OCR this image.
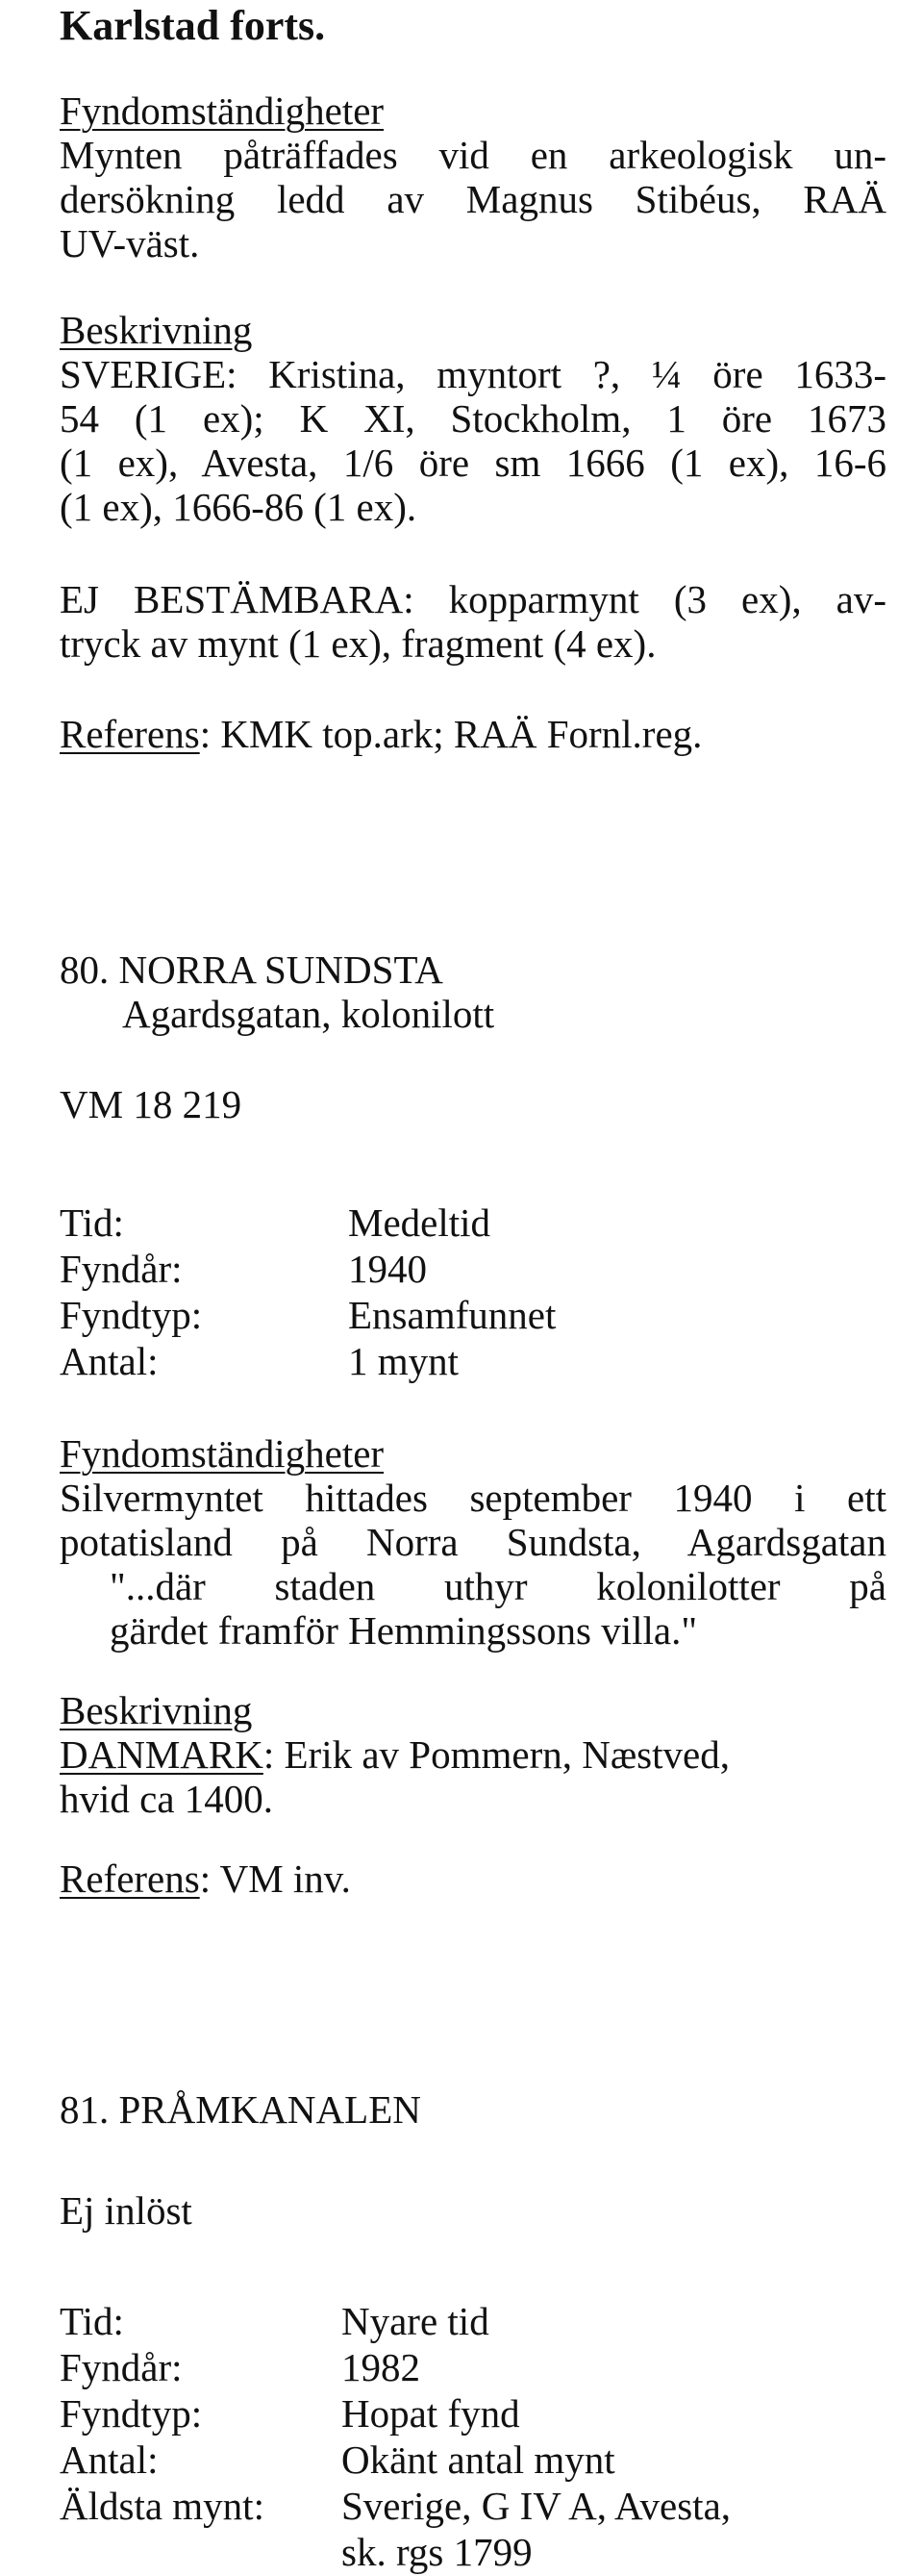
Karlstad forts.
Fyndomständigheter
Mynten påträffades vid en arkeologisk un-
dersökning ledd av Magnus Stibéus, RAÄ
UV-väst.
Beskrivning
SVERIGE: Kristina, myntort ?, ¼ öre 1633-
54 (1 ex); K XI, Stockholm, 1 öre 1673
(1 ex), Avesta, 1/6 öre sm 1666 (1 ex), 16-6
(1 ex), 1666-86 (1 ex).
EJ BESTÄMBARA: kopparmynt (3 ex), av-
tryck av mynt (1 ex), fragment (4 ex).
Referens: KMK top.ark; RAÄ Fornl.reg.
80. NORRA SUNDSTA
Agardsgatan, kolonilott
VM 18 219
Tid:	Medeltid
Fyndår:	1940
Fyndtyp:	Ensamfunnet
Antal:	1 mynt
Fyndomständigheter
Silvermyntet hittades september 1940 i ett
potatisland på Norra Sundsta, Agardsgatan
"...där staden uthyr kolonilotter på
gärdet framför Hemmingssons villa."
Beskrivning
DANMARK: Erik av Pommern, Næstved,
hvid ca 1400.
Referens: VM inv.
81. PRÅMKANALEN
Ej inlöst
Tid:	Nyare tid
Fyndår:	1982
Fyndtyp:	Hopat fynd
Antal:	Okänt antal mynt
Äldsta mynt: Sverige, G IV A, Avesta,
sk. rgs 1799
